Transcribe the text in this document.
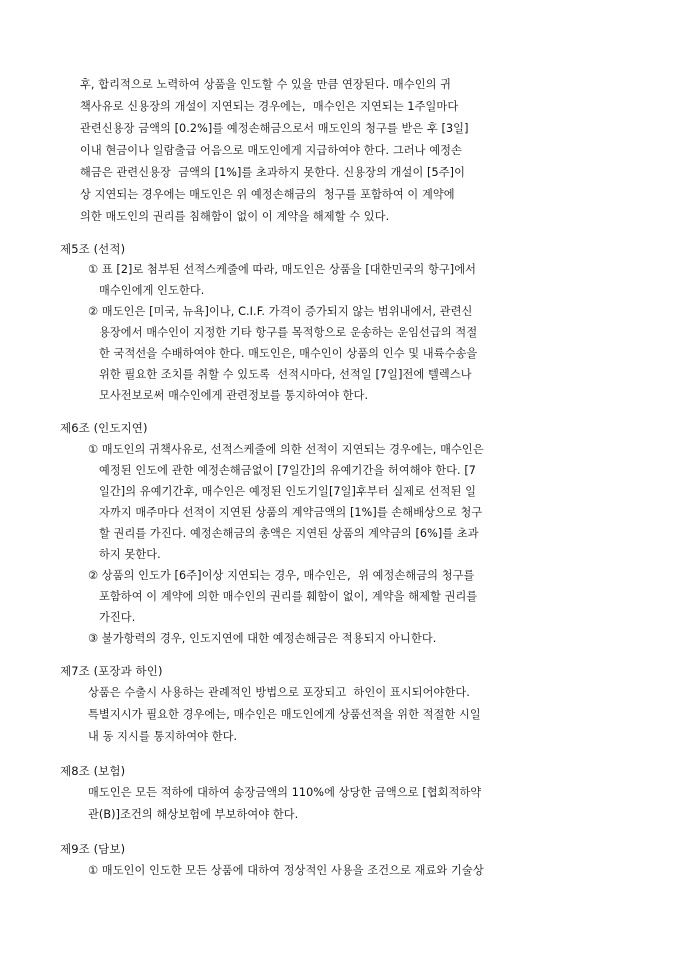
후, 합리적으로 노력하여 상품을 인도할 수 있을 만큼 연장된다. 매수인의 귀
책사유로 신용장의 개설이 지연되는 경우에는,  매수인은 지연되는 1주일마다
관련신용장 금액의 [0.2%]를 예정손해금으로서 매도인의 청구를 받은 후 [3일]
이내 현금이나 일람출급 어음으로 매도인에게 지급하여야 한다. 그러나 예정손
해금은 관련신용장  금액의 [1%]를 초과하지 못한다. 신용장의 개설이 [5주]이
상 지연되는 경우에는 매도인은 위 예정손해금의  청구를 포함하여 이 계약에
의한 매도인의 권리를 침해함이 없이 이 계약을 해제할 수 있다.
제5조 (선적)
① 표 [2]로 첨부된 선적스케줄에 따라, 매도인은 상품을 [대한민국의 항구]에서
매수인에게 인도한다.
② 매도인은 [미국, 뉴욕]이나, C.I.F. 가격이 증가되지 않는 범위내에서, 관련신
용장에서 매수인이 지정한 기타 항구를 목적항으로 운송하는 운임선급의 적절
한 국적선을 수배하여야 한다. 매도인은, 매수인이 상품의 인수 및 내륙수송을
위한 필요한 조치를 취할 수 있도록  선적시마다, 선적일 [7일]전에 텔렉스나
모사전보로써 매수인에게 관련정보를 통지하여야 한다.
제6조 (인도지연)
① 매도인의 귀책사유로, 선적스케줄에 의한 선적이 지연되는 경우에는, 매수인은
예정된 인도에 관한 예정손해금없이 [7일간]의 유예기간을 허여해야 한다. [7
일간]의 유예기간후, 매수인은 예정된 인도기일[7일]후부터 실제로 선적된 일
자까지 매주마다 선적이 지연된 상품의 계약금액의 [1%]를 손해배상으로 청구
할 권리를 가진다. 예정손해금의 총액은 지연된 상품의 계약금의 [6%]를 초과
하지 못한다.
② 상품의 인도가 [6주]이상 지연되는 경우, 매수인은,  위 예정손해금의 청구를
포함하여 이 계약에 의한 매수인의 권리를 훼함이 없이, 계약을 해제할 권리를
가진다.
③ 불가항력의 경우, 인도지연에 대한 예정손해금은 적용되지 아니한다.
제7조 (포장과 하인)
상품은 수출시 사용하는 관례적인 방법으로 포장되고  하인이 표시되어야한다.
특별지시가 필요한 경우에는, 매수인은 매도인에게 상품선적을 위한 적절한 시일
내 동 지시를 통지하여야 한다.
제8조 (보험)
매도인은 모든 적하에 대하여 송장금액의 110%에 상당한 금액으로 [협회적하약
관(B)]조건의 해상보험에 부보하여야 한다.
제9조 (담보)
① 매도인이 인도한 모든 상품에 대하여 정상적인 사용을 조건으로 재료와 기술상
